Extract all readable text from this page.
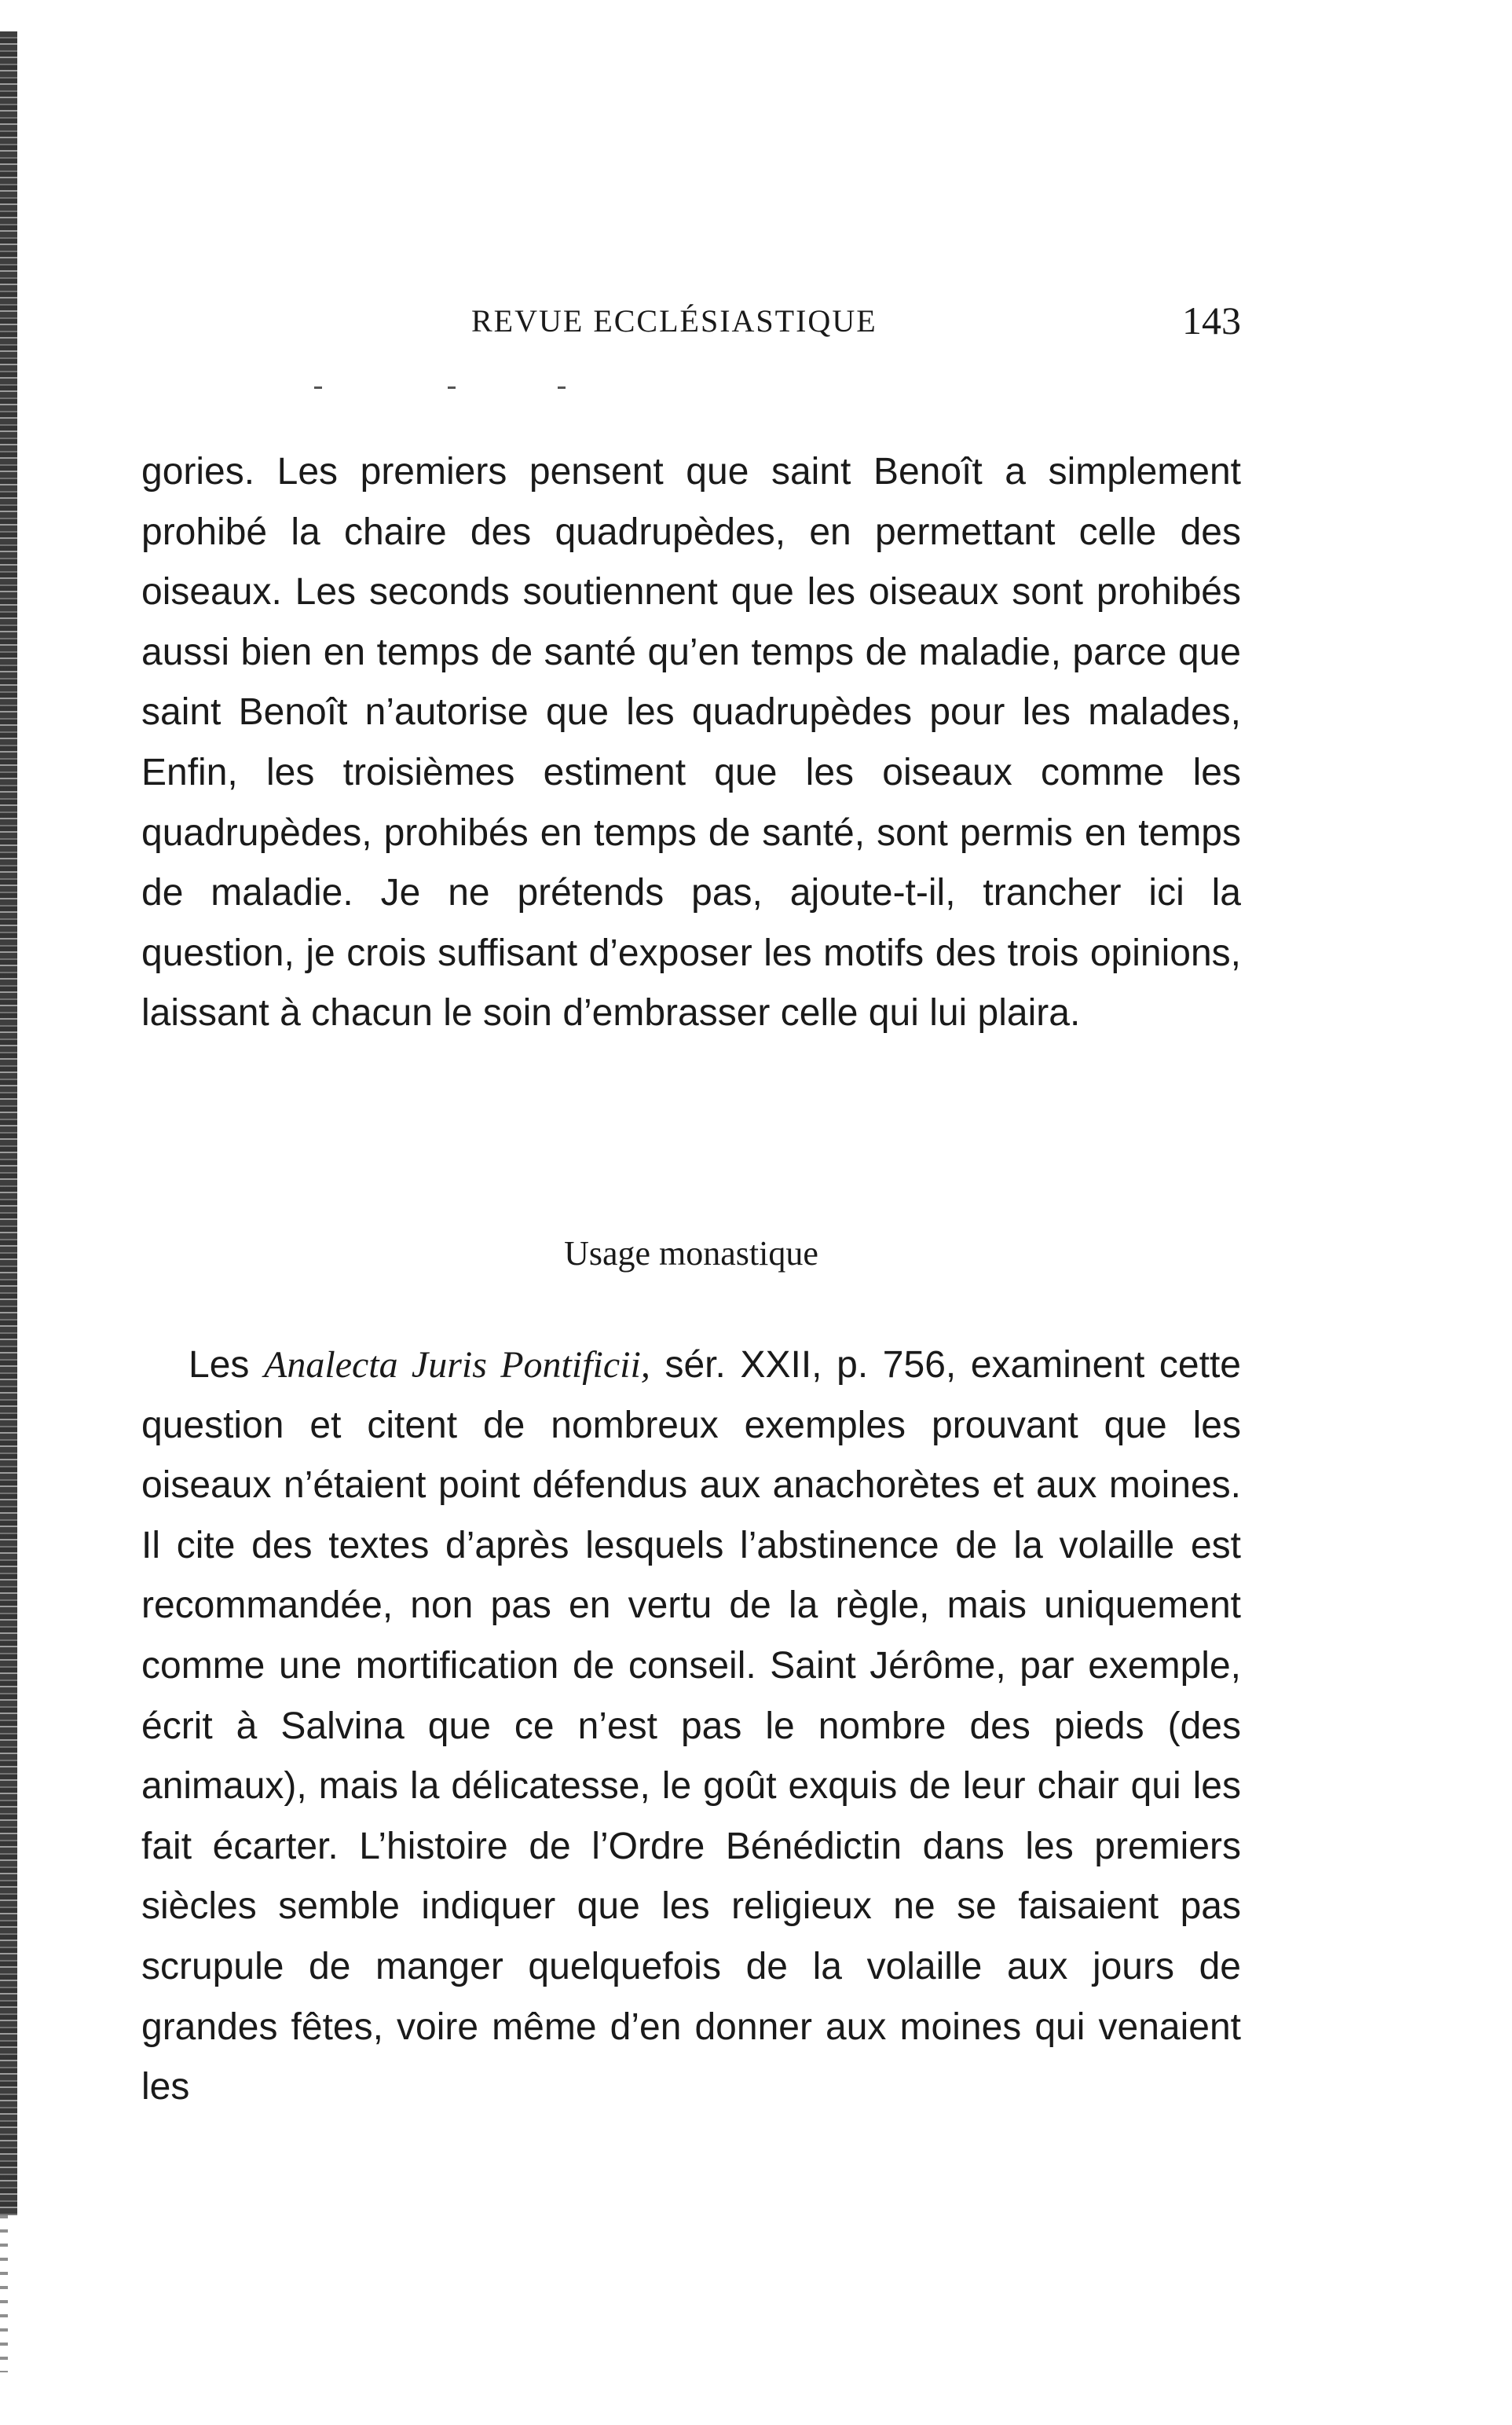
REVUE ECCLÉSIASTIQUE	143
gories. Les premiers pensent que saint Benoît a simplement prohibé la chaire des quadrupèdes, en permettant celle des oiseaux. Les seconds soutiennent que les oiseaux sont prohibés aussi bien en temps de santé qu’en temps de maladie, parce que saint Benoît n’autorise que les quadrupèdes pour les malades, Enfin, les troisièmes estiment que les oiseaux comme les quadrupèdes, prohibés en temps de santé, sont permis en temps de maladie. Je ne prétends pas, ajoute-t-il, trancher ici la question, je crois suffisant d’exposer les motifs des trois opinions, laissant à chacun le soin d’embrasser celle qui lui plaira.
Usage monastique
Les Analecta Juris Pontificii, sér. XXII, p. 756, examinent cette question et citent de nombreux exemples prouvant que les oiseaux n’étaient point défendus aux anachorètes et aux moines. Il cite des textes d’après lesquels l’abstinence de la volaille est recommandée, non pas en vertu de la règle, mais uniquement comme une mortification de conseil. Saint Jérôme, par exemple, écrit à Salvina que ce n’est pas le nombre des pieds (des animaux), mais la délicatesse, le goût exquis de leur chair qui les fait écarter. L’histoire de l’Ordre Bénédictin dans les premiers siècles semble indiquer que les religieux ne se faisaient pas scrupule de manger quelquefois de la volaille aux jours de grandes fêtes, voire même d’en donner aux moines qui venaient les
